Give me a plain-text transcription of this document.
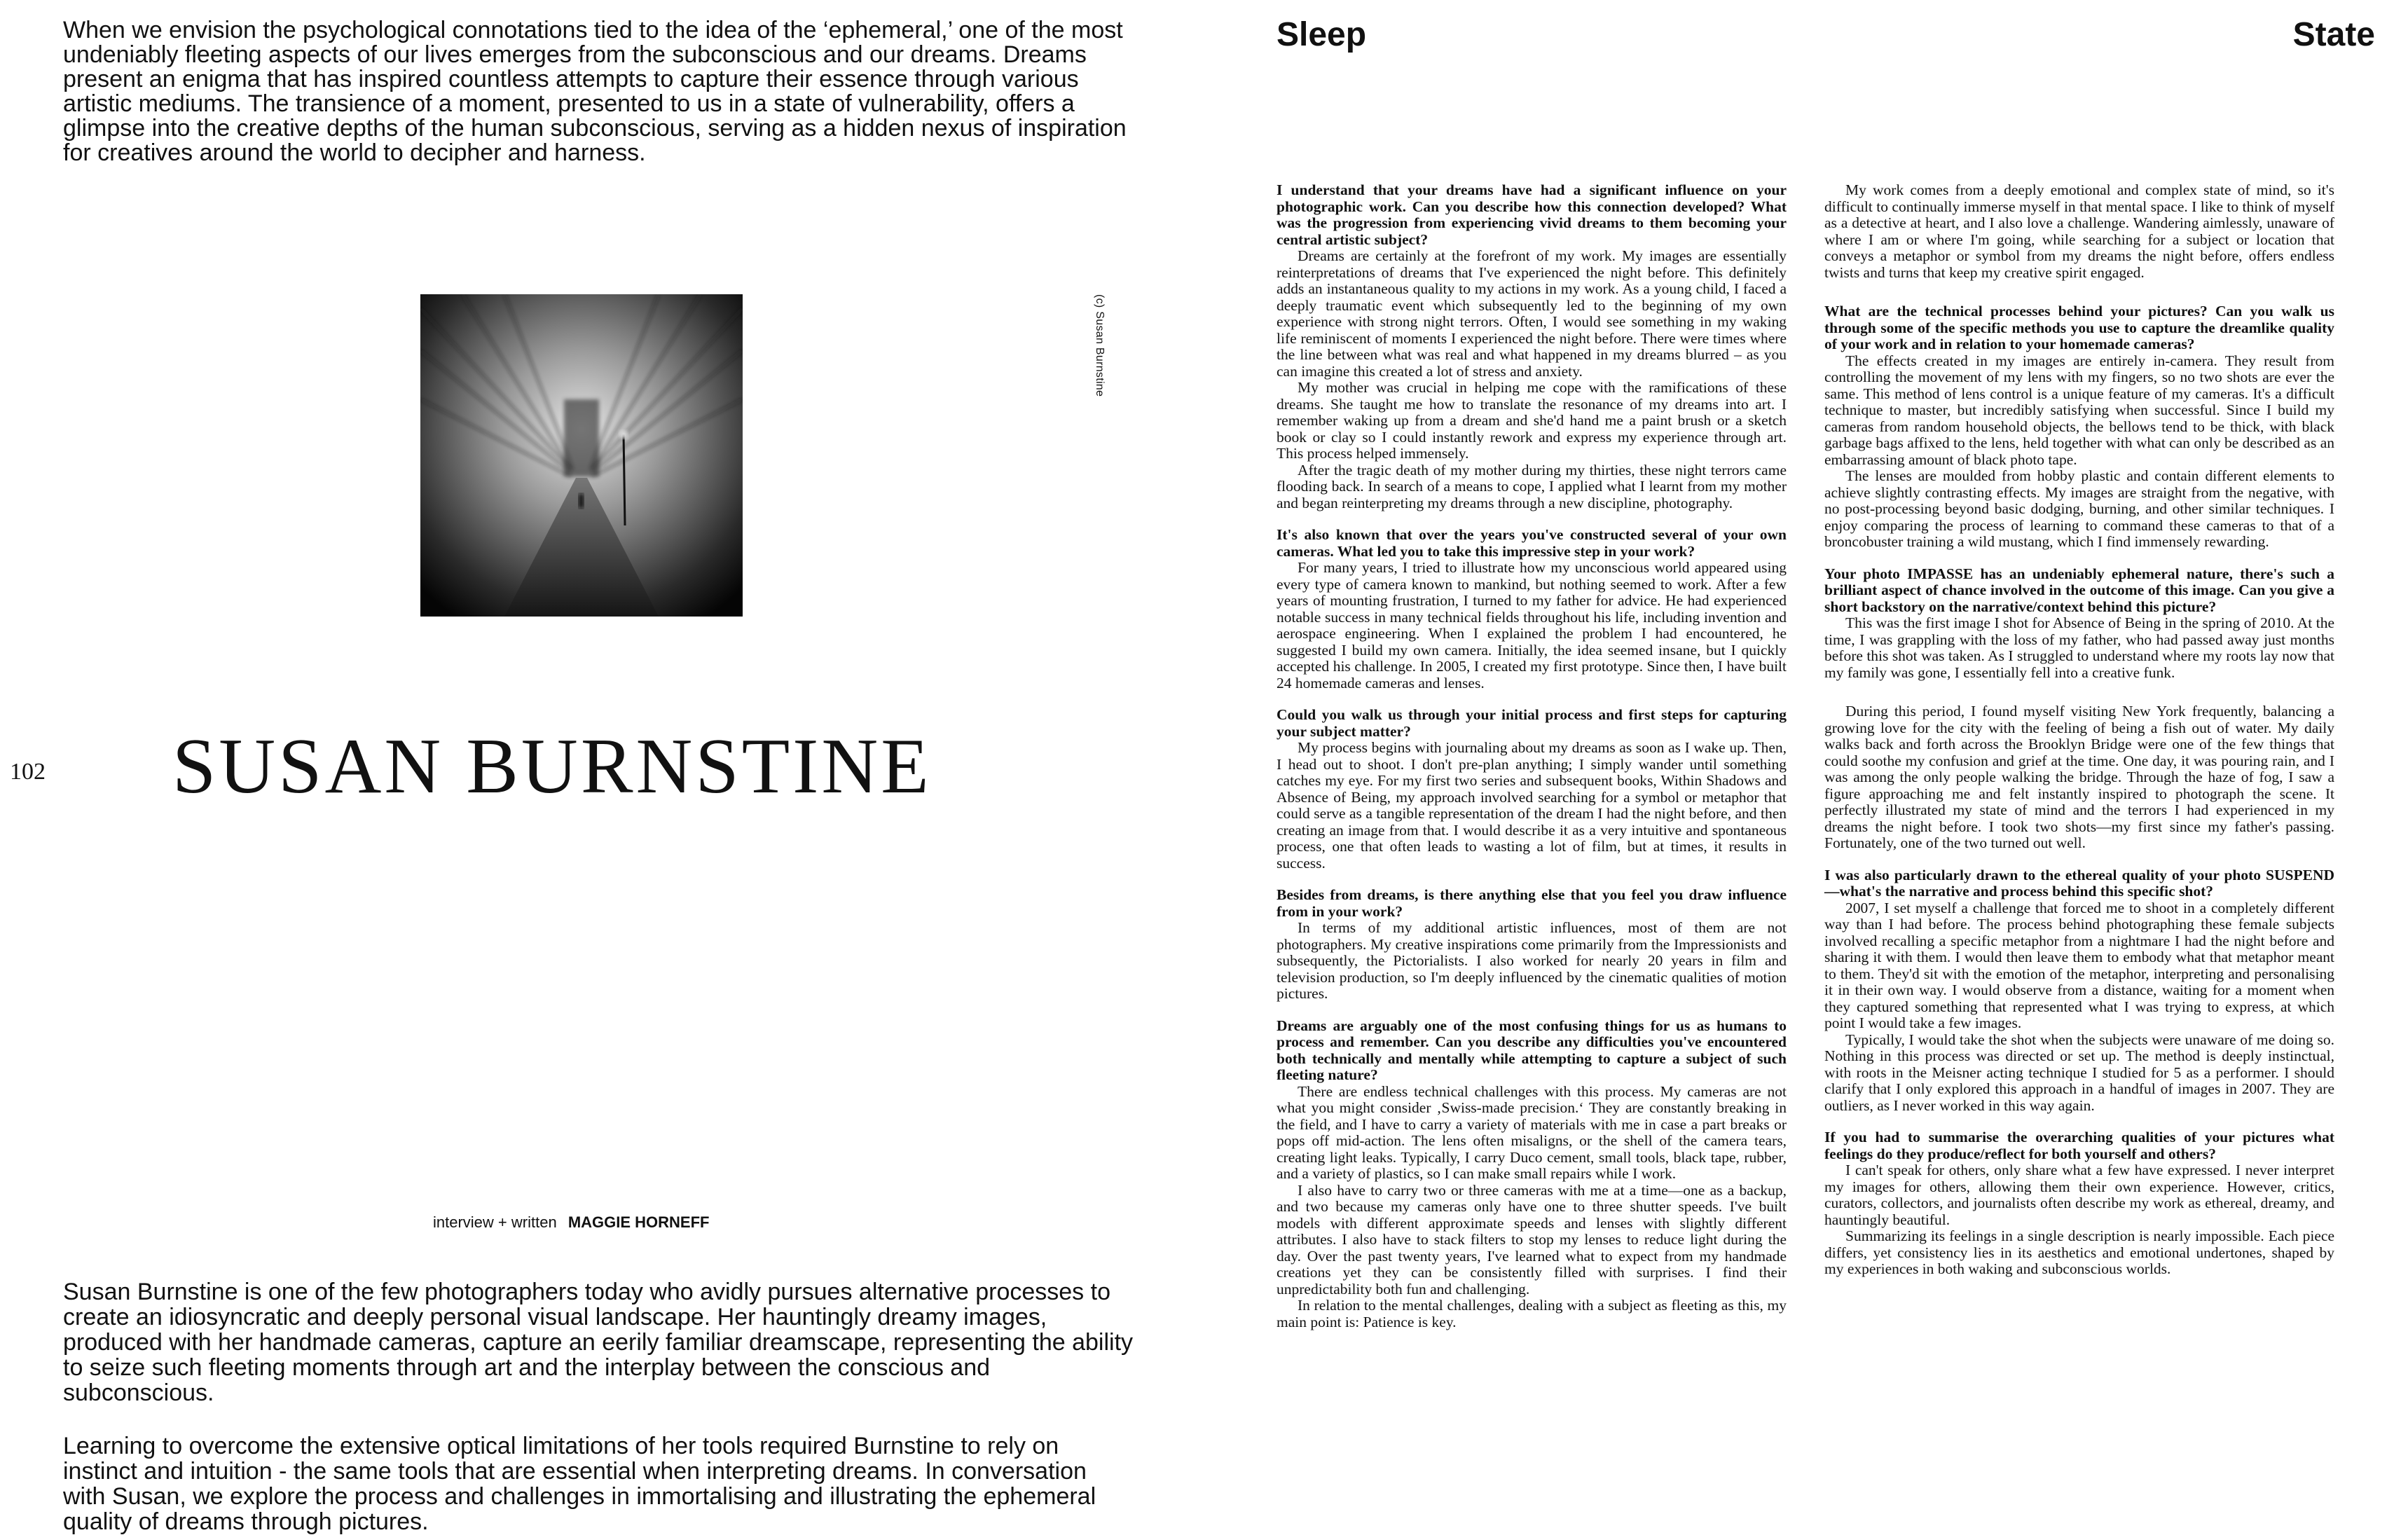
When we envision the psychological connotations tied to the idea of the ‘ephemeral,’ one of the most undeniably fleeting aspects of our lives emerges from the subconscious and our dreams. Dreams present an enigma that has inspired countless attempts to capture their essence through various artistic mediums. The transience of a moment, presented to us in a state of vulnerability, offers a glimpse into the creative depths of the human subconscious, serving as a hidden nexus of inspiration for creatives around the world to decipher and harness.

(c) Susan Burnstine
102 SUSAN BURNSTINE
interview + written MAGGIE HORNEFF

Susan Burnstine is one of the few photographers today who avidly pursues alternative processes to create an idiosyncratic and deeply personal visual landscape. Her hauntingly dreamy images, produced with her handmade cameras, capture an eerily familiar dreamscape, representing the ability to seize such fleeting moments through art and the interplay between the conscious and subconscious.

Learning to overcome the extensive optical limitations of her tools required Burnstine to rely on instinct and intuition - the same tools that are essential when interpreting dreams. In conversation with Susan, we explore the process and challenges in immortalising and illustrating the ephemeral quality of dreams through pictures.

Sleep	State

I understand that your dreams have had a significant influence on your photographic work. Can you describe how this connection developed? What was the progression from experiencing vivid dreams to them becoming your central artistic subject?

Dreams are certainly at the forefront of my work. My images are essentially reinterpretations of dreams that I've experienced the night before. This definitely adds an instantaneous quality to my actions in my work. As a young child, I faced a deeply traumatic event which subsequently led to the beginning of my own experience with strong night terrors. Often, I would see something in my waking life reminiscent of moments I experienced the night before. There were times where the line between what was real and what happened in my dreams blurred – as you can imagine this created a lot of stress and anxiety.

My mother was crucial in helping me cope with the ramifications of these dreams. She taught me how to translate the resonance of my dreams into art. I remember waking up from a dream and she'd hand me a paint brush or a sketch book or clay so I could instantly rework and express my experience through art. This process helped immensely.

After the tragic death of my mother during my thirties, these night terrors came flooding back. In search of a means to cope, I applied what I learnt from my mother and began reinterpreting my dreams through a new discipline, photography.

It's also known that over the years you've constructed several of your own cameras. What led you to take this impressive step in your work?

For many years, I tried to illustrate how my unconscious world appeared using every type of camera known to mankind, but nothing seemed to work. After a few years of mounting frustration, I turned to my father for advice. He had experienced notable success in many technical fields throughout his life, including invention and aerospace engineering. When I explained the problem I had encountered, he suggested I build my own camera. Initially, the idea seemed insane, but I quickly accepted his challenge. In 2005, I created my first prototype. Since then, I have built 24 homemade cameras and lenses.

Could you walk us through your initial process and first steps for capturing your subject matter?

My process begins with journaling about my dreams as soon as I wake up. Then, I head out to shoot. I don't pre-plan anything; I simply wander until something catches my eye. For my first two series and subsequent books, Within Shadows and Absence of Being, my approach involved searching for a symbol or metaphor that could serve as a tangible representation of the dream I had the night before, and then creating an image from that. I would describe it as a very intuitive and spontaneous process, one that often leads to wasting a lot of film, but at times, it results in success.

Besides from dreams, is there anything else that you feel you draw influence from in your work?

In terms of my additional artistic influences, most of them are not photographers. My creative inspirations come primarily from the Impressionists and subsequently, the Pictorialists. I also worked for nearly 20 years in film and television production, so I'm deeply influenced by the cinematic qualities of motion pictures.

Dreams are arguably one of the most confusing things for us as humans to process and remember. Can you describe any difficulties you've encountered both technically and mentally while attempting to capture a subject of such fleeting nature?

There are endless technical challenges with this process. My cameras are not what you might consider ‚Swiss-made precision.‘ They are constantly breaking in the field, and I have to carry a variety of materials with me in case a part breaks or pops off mid-action. The lens often misaligns, or the shell of the camera tears, creating light leaks. Typically, I carry Duco cement, small tools, black tape, rubber, and a variety of plastics, so I can make small repairs while I work.

I also have to carry two or three cameras with me at a time—one as a backup, and two because my cameras only have one to three shutter speeds. I've built models with different approximate speeds and lenses with slightly different attributes. I also have to stack filters to stop my lenses to reduce light during the day. Over the past twenty years, I've learned what to expect from my handmade creations yet they can be consistently filled with surprises. I find their unpredictability both fun and challenging.

In relation to the mental challenges, dealing with a subject as fleeting as this, my main point is: Patience is key.

My work comes from a deeply emotional and complex state of mind, so it's difficult to continually immerse myself in that mental space. I like to think of myself as a detective at heart, and I also love a challenge. Wandering aimlessly, unaware of where I am or where I'm going, while searching for a subject or location that conveys a metaphor or symbol from my dreams the night before, offers endless twists and turns that keep my creative spirit engaged.

What are the technical processes behind your pictures? Can you walk us through some of the specific methods you use to capture the dreamlike quality of your work and in relation to your homemade cameras?

The effects created in my images are entirely in-camera. They result from controlling the movement of my lens with my fingers, so no two shots are ever the same. This method of lens control is a unique feature of my cameras. It's a difficult technique to master, but incredibly satisfying when successful. Since I build my cameras from random household objects, the bellows tend to be thick, with black garbage bags affixed to the lens, held together with what can only be described as an embarrassing amount of black photo tape.

The lenses are moulded from hobby plastic and contain different elements to achieve slightly contrasting effects. My images are straight from the negative, with no post-processing beyond basic dodging, burning, and other similar techniques. I enjoy comparing the process of learning to command these cameras to that of a broncobuster training a wild mustang, which I find immensely rewarding.

Your photo IMPASSE has an undeniably ephemeral nature, there's such a brilliant aspect of chance involved in the outcome of this image. Can you give a short backstory on the narrative/context behind this picture?

This was the first image I shot for Absence of Being in the spring of 2010. At the time, I was grappling with the loss of my father, who had passed away just months before this shot was taken. As I struggled to understand where my roots lay now that my family was gone, I essentially fell into a creative funk.

During this period, I found myself visiting New York frequently, balancing a growing love for the city with the feeling of being a fish out of water. My daily walks back and forth across the Brooklyn Bridge were one of the few things that could soothe my confusion and grief at the time. One day, it was pouring rain, and I was among the only people walking the bridge. Through the haze of fog, I saw a figure approaching me and felt instantly inspired to photograph the scene. It perfectly illustrated my state of mind and the terrors I had experienced in my dreams the night before. I took two shots—my first since my father's passing. Fortunately, one of the two turned out well.

I was also particularly drawn to the ethereal quality of your photo SUSPEND—what's the narrative and process behind this specific shot?

2007, I set myself a challenge that forced me to shoot in a completely different way than I had before. The process behind photographing these female subjects involved recalling a specific metaphor from a nightmare I had the night before and sharing it with them. I would then leave them to embody what that metaphor meant to them. They'd sit with the emotion of the metaphor, interpreting and personalising it in their own way. I would observe from a distance, waiting for a moment when they captured something that represented what I was trying to express, at which point I would take a few images.

Typically, I would take the shot when the subjects were unaware of me doing so. Nothing in this process was directed or set up. The method is deeply instinctual, with roots in the Meisner acting technique I studied for 5 as a performer. I should clarify that I only explored this approach in a handful of images in 2007. They are outliers, as I never worked in this way again.

If you had to summarise the overarching qualities of your pictures what feelings do they produce/reflect for both yourself and others?

I can't speak for others, only share what a few have expressed. I never interpret my images for others, allowing them their own experience. However, critics, curators, collectors, and journalists often describe my work as ethereal, dreamy, and hauntingly beautiful.

Summarizing its feelings in a single description is nearly impossible. Each piece differs, yet consistency lies in its aesthetics and emotional undertones, shaped by my experiences in both waking and subconscious worlds.
